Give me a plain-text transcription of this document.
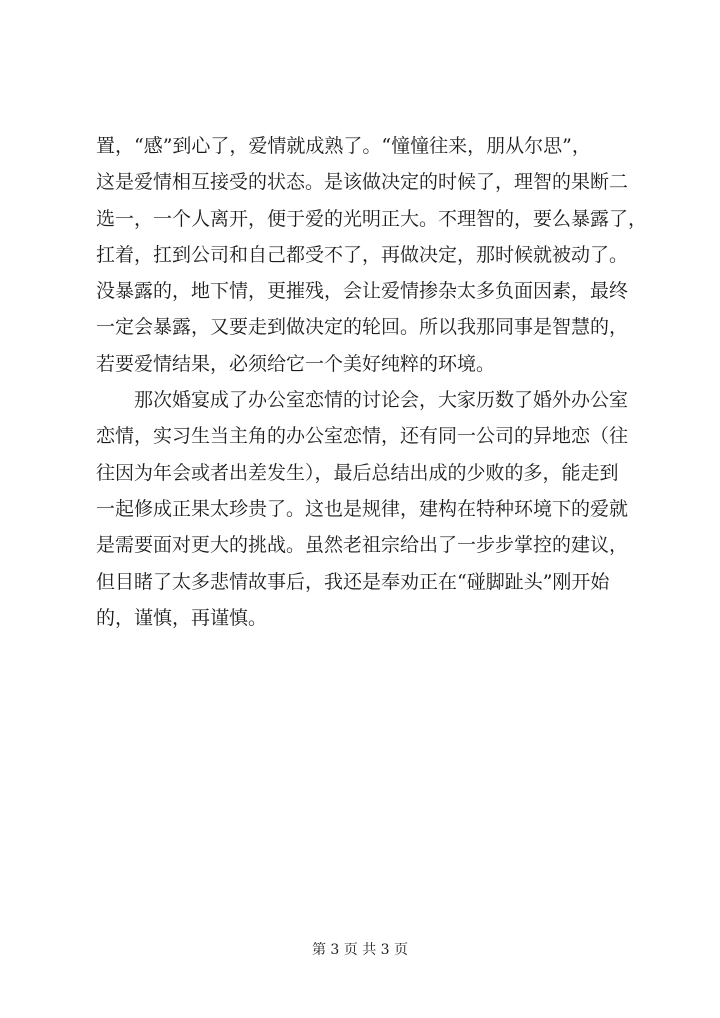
置，“感”到心了，爱情就成熟了。“憧憧往来，朋从尔思”，
这是爱情相互接受的状态。是该做决定的时候了，理智的果断二
选一，一个人离开，便于爱的光明正大。不理智的，要么暴露了，
扛着，扛到公司和自己都受不了，再做决定，那时候就被动了。
没暴露的，地下情，更摧残，会让爱情掺杂太多负面因素，最终
一定会暴露，又要走到做决定的轮回。所以我那同事是智慧的，
若要爱情结果，必须给它一个美好纯粹的环境。
那次婚宴成了办公室恋情的讨论会，大家历数了婚外办公室
恋情，实习生当主角的办公室恋情，还有同一公司的异地恋（往
往因为年会或者出差发生），最后总结出成的少败的多，能走到
一起修成正果太珍贵了。这也是规律，建构在特种环境下的爱就
是需要面对更大的挑战。虽然老祖宗给出了一步步掌控的建议，
但目睹了太多悲情故事后，我还是奉劝正在“碰脚趾头”刚开始
的，谨慎，再谨慎。
第 3 页 共 3 页
